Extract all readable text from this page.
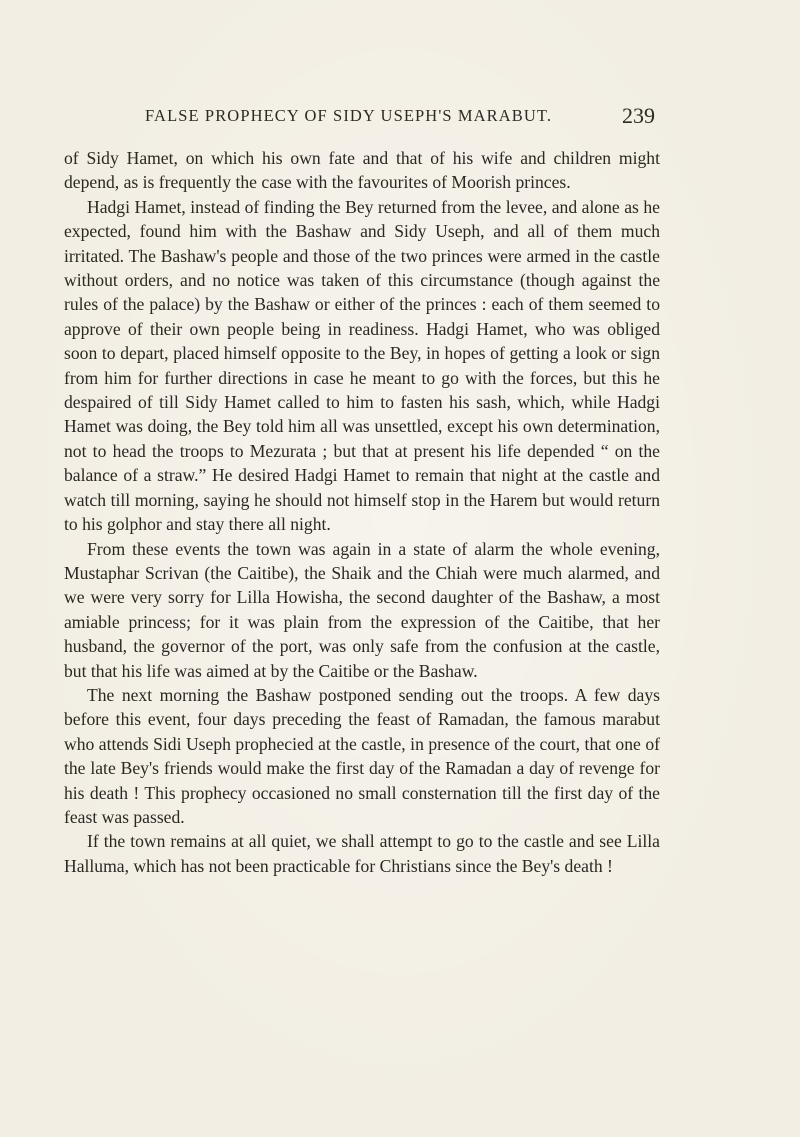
FALSE PROPHECY OF SIDY USEPH'S MARABUT.	239

of Sidy Hamet, on which his own fate and that of his wife and children might depend, as is frequently the case with the favourites of Moorish princes.

Hadgi Hamet, instead of finding the Bey returned from the levee, and alone as he expected, found him with the Bashaw and Sidy Useph, and all of them much irritated. The Bashaw's people and those of the two princes were armed in the castle without orders, and no notice was taken of this circumstance (though against the rules of the palace) by the Bashaw or either of the princes : each of them seemed to approve of their own people being in readiness. Hadgi Hamet, who was obliged soon to depart, placed himself opposite to the Bey, in hopes of getting a look or sign from him for further directions in case he meant to go with the forces, but this he despaired of till Sidy Hamet called to him to fasten his sash, which, while Hadgi Hamet was doing, the Bey told him all was unsettled, except his own determination, not to head the troops to Mezurata ; but that at present his life depended “ on the balance of a straw.” He desired Hadgi Hamet to remain that night at the castle and watch till morning, saying he should not himself stop in the Harem but would return to his golphor and stay there all night.

From these events the town was again in a state of alarm the whole evening, Mustaphar Scrivan (the Caitibe), the Shaik and the Chiah were much alarmed, and we were very sorry for Lilla Howisha, the second daughter of the Bashaw, a most amiable princess; for it was plain from the expression of the Caitibe, that her husband, the governor of the port, was only safe from the confusion at the castle, but that his life was aimed at by the Caitibe or the Bashaw.

The next morning the Bashaw postponed sending out the troops. A few days before this event, four days preceding the feast of Ramadan, the famous marabut who attends Sidi Useph prophecied at the castle, in presence of the court, that one of the late Bey's friends would make the first day of the Ramadan a day of revenge for his death ! This prophecy occasioned no small consternation till the first day of the feast was passed.

If the town remains at all quiet, we shall attempt to go to the castle and see Lilla Halluma, which has not been practicable for Christians since the Bey's death !
